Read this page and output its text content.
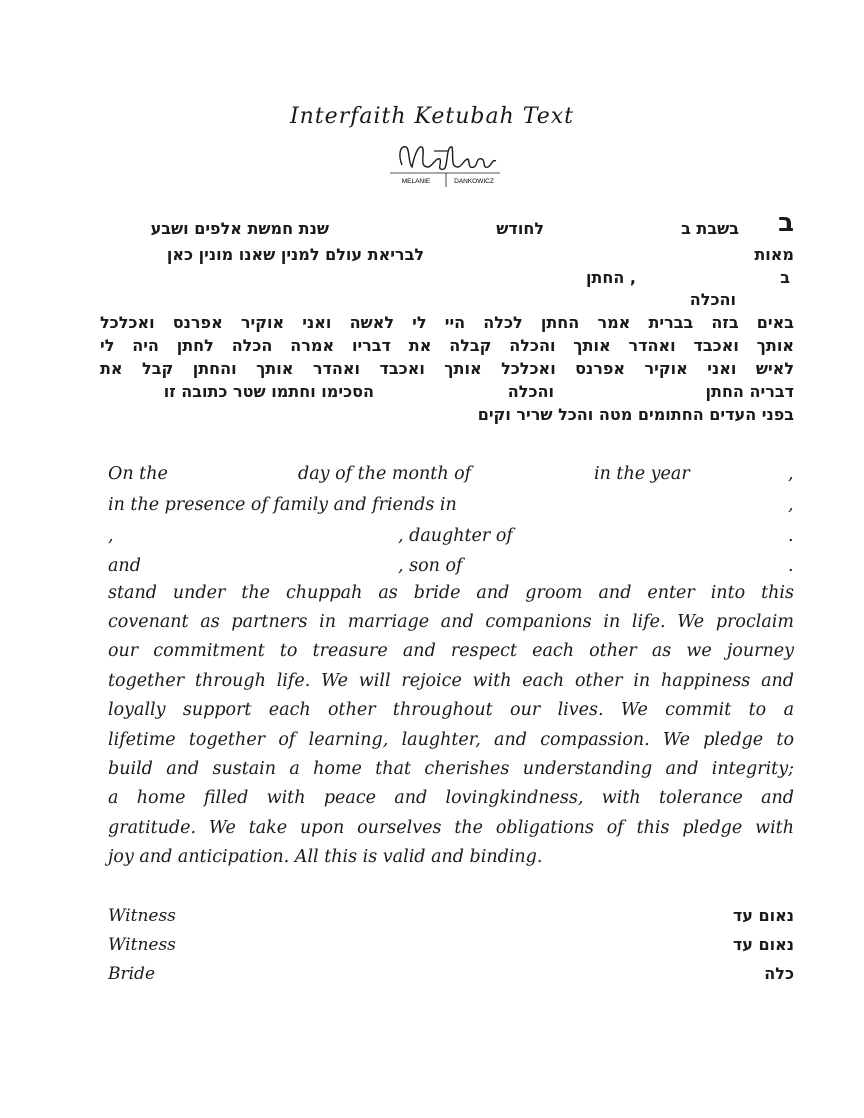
Interfaith Ketubah Text
MELANIE	DANKOWICZ

ב

בשבת ב

לחודש

שנת חמשת אלפים ושבע

מאות

לבריאת עולם למנין שאנו מונין כאן

ב

, החתן

והכלה

באים בזה בברית אמר החתן לכלה היי לי לאשה ואני אוקיר אפרנס ואכלכל
אותך ואכבד ואהדר אותך והכלה קבלה את דבריו אמרה הכלה לחתן היה לי
לאיש ואני אוקיר אפרנס ואכלכל אותך ואכבד ואהדר אותך והחתן קבל את

דבריה החתן

והכלה

הסכימו וחתמו שטר כתובה זו

בפני העדים החתומים מטה והכל שריר וקים

On the	day of the month of	in the year	,
in the presence of family and friends in	,
,	, daughter of	.
and	, son of	.
stand under the chuppah as bride and groom and enter into this
covenant as partners in marriage and companions in life. We proclaim
our commitment to treasure and respect each other as we journey
together through life. We will rejoice with each other in happiness and
loyally support each other throughout our lives. We commit to a
lifetime together of learning, laughter, and compassion. We pledge to
build and sustain a home that cherishes understanding and integrity;
a home filled with peace and lovingkindness, with tolerance and
gratitude. We take upon ourselves the obligations of this pledge with
joy and anticipation. All this is valid and binding.
Witness	נאום עד
Witness	נאום עד
Bride	כלה
